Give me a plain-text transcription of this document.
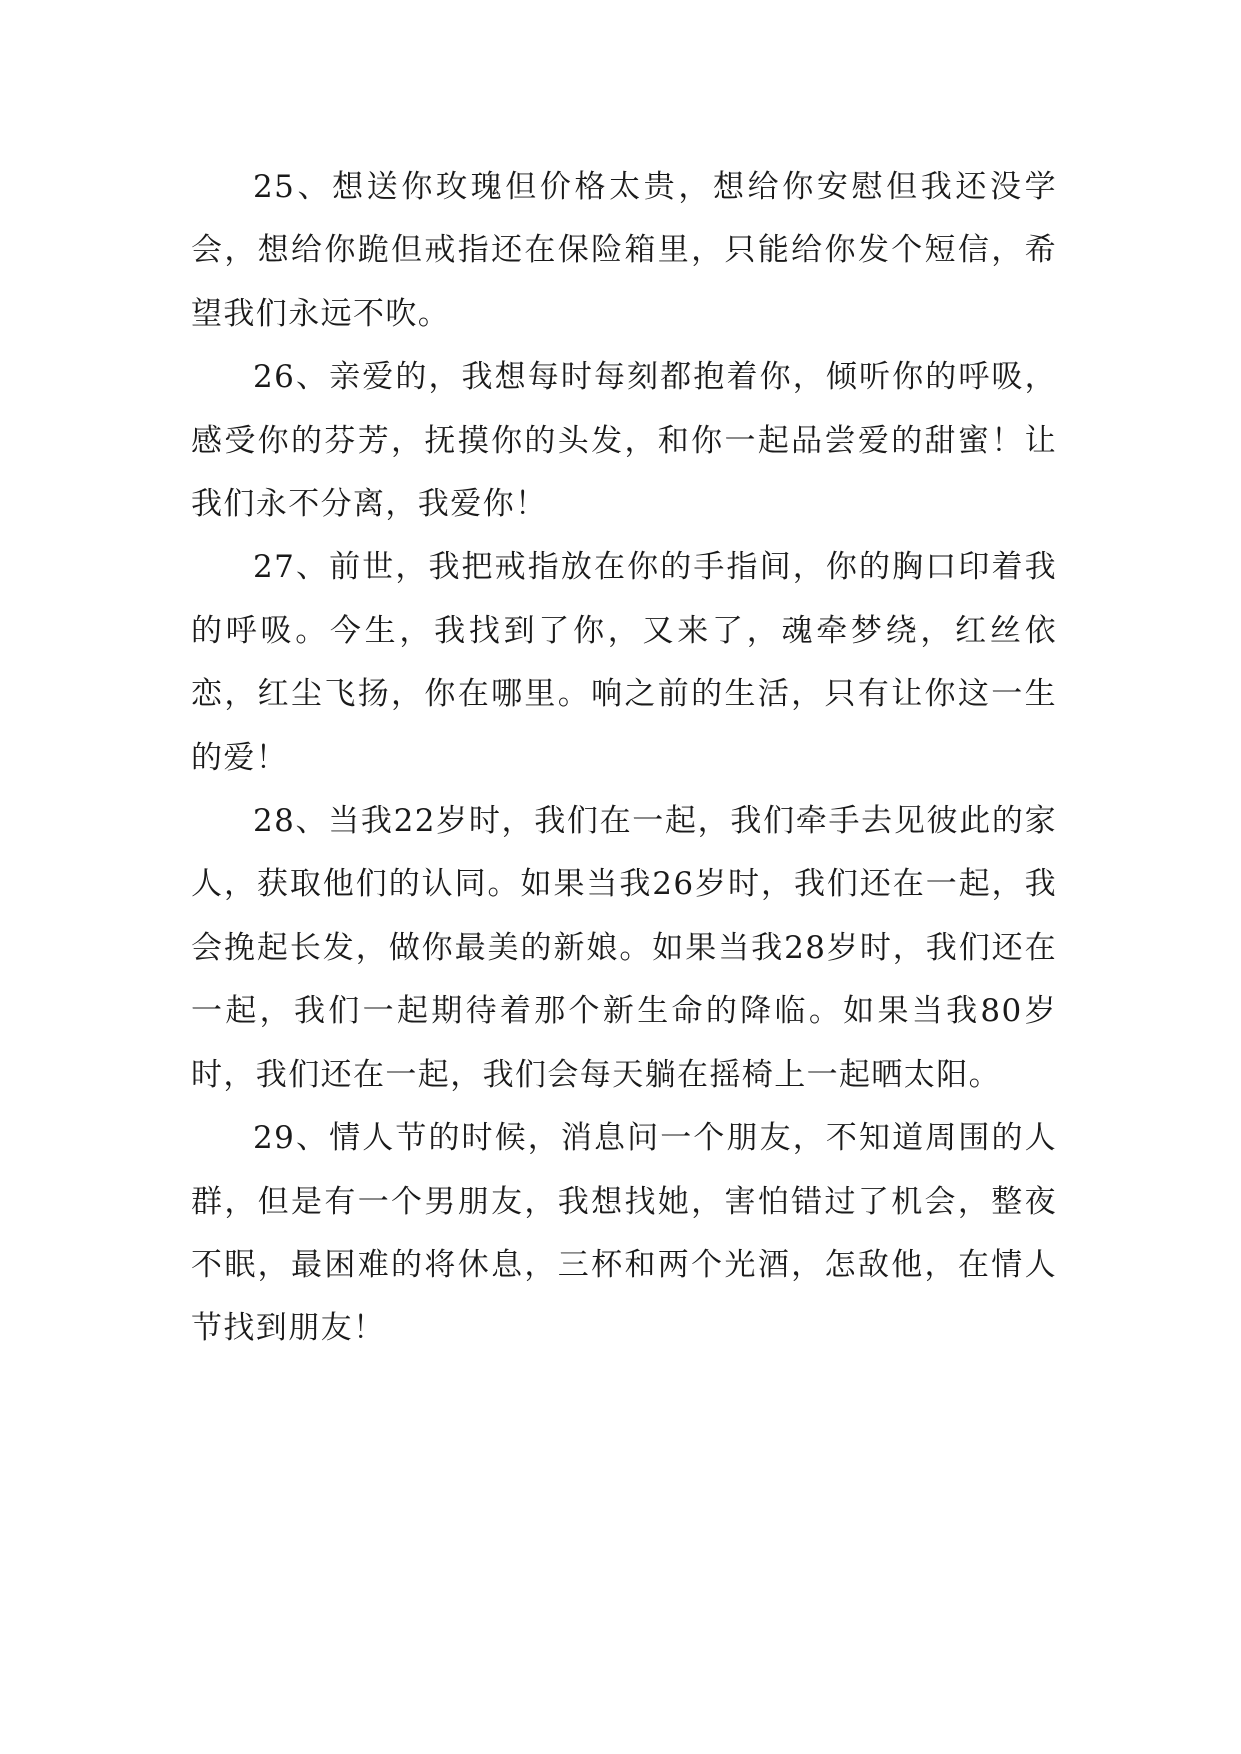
25、想送你玫瑰但价格太贵，想给你安慰但我还没学会，想给你跪但戒指还在保险箱里，只能给你发个短信，希望我们永远不吹。

26、亲爱的，我想每时每刻都抱着你，倾听你的呼吸，感受你的芬芳，抚摸你的头发，和你一起品尝爱的甜蜜！让我们永不分离，我爱你！

27、前世，我把戒指放在你的手指间，你的胸口印着我的呼吸。今生，我找到了你，又来了，魂牵梦绕，红丝依恋，红尘飞扬，你在哪里。响之前的生活，只有让你这一生的爱！

28、当我22岁时，我们在一起，我们牵手去见彼此的家人，获取他们的认同。如果当我26岁时，我们还在一起，我会挽起长发，做你最美的新娘。如果当我28岁时，我们还在一起，我们一起期待着那个新生命的降临。如果当我80岁时，我们还在一起，我们会每天躺在摇椅上一起晒太阳。

29、情人节的时候，消息问一个朋友，不知道周围的人群，但是有一个男朋友，我想找她，害怕错过了机会，整夜不眠，最困难的将休息，三杯和两个光酒，怎敌他，在情人节找到朋友！
